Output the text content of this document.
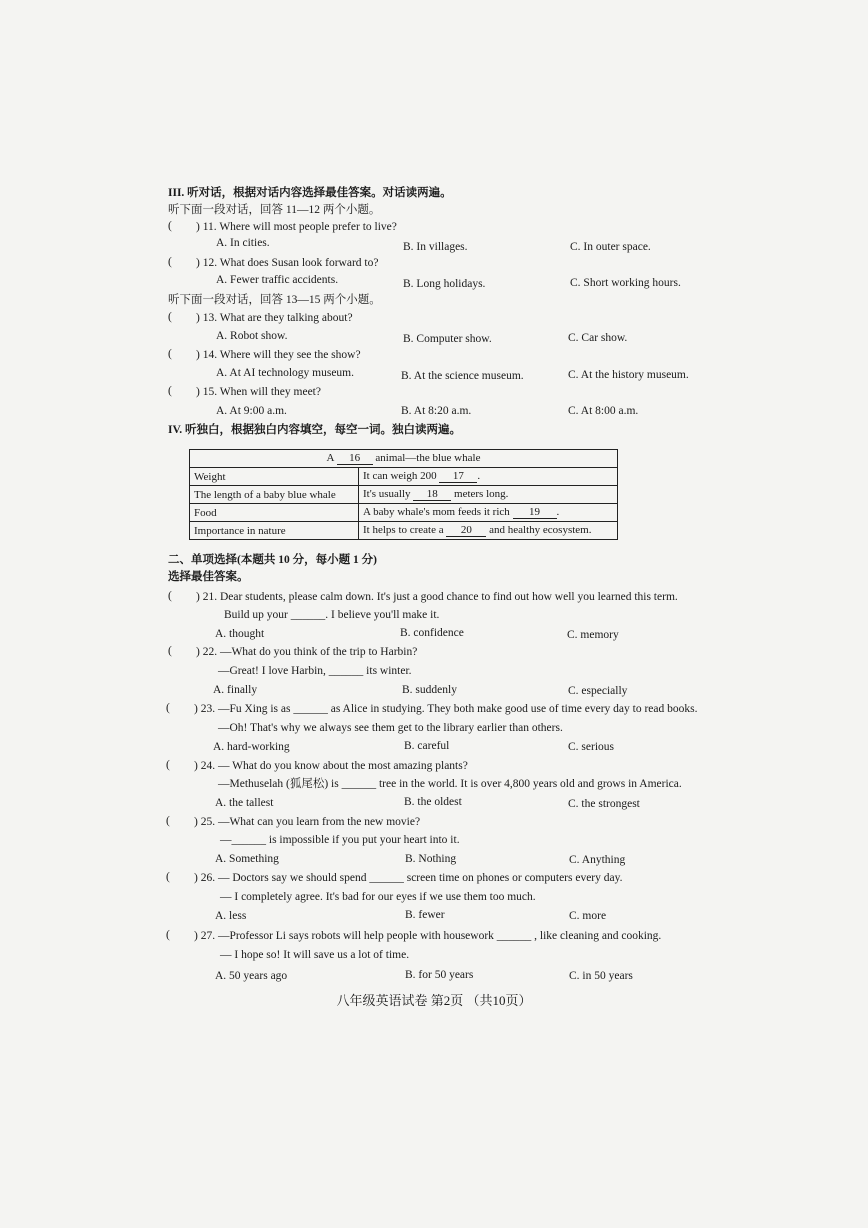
III. 听对话，根据对话内容选择最佳答案。对话读两遍。
听下面一段对话，回答 11—12 两个小题。
( ) 11. Where will most people prefer to live?
A. In cities.	B. In villages.	C. In outer space.
( ) 12. What does Susan look forward to?
A. Fewer traffic accidents.	B. Long holidays.	C. Short working hours.
听下面一段对话，回答 13—15 两个小题。
( ) 13. What are they talking about?
A. Robot show.	B. Computer show.	C. Car show.
( ) 14. Where will they see the show?
A. At AI technology museum.	B. At the science museum.	C. At the history museum.
( ) 15. When will they meet?
A. At 9:00 a.m.	B. At 8:20 a.m.	C. At 8:00 a.m.
IV. 听独白，根据独白内容填空，每空一词。独白读两遍。
A 16 animal—the blue whale	
Weight	It can weigh 200 17 .
The length of a baby blue whale	It's usually 18 meters long.
Food	A baby whale's mom feeds it rich 19 .
Importance in nature	It helps to create a 20 and healthy ecosystem.
二、单项选择(本题共 10 分，每小题 1 分)
选择最佳答案。
( ) 21. Dear students, please calm down. It's just a good chance to find out how well you learned this term.
Build up your ______. I believe you'll make it.
A. thought	B. confidence	C. memory
( ) 22. —What do you think of the trip to Harbin?
—Great! I love Harbin, ______ its winter.
A. finally	B. suddenly	C. especially
( ) 23. —Fu Xing is as ______ as Alice in studying. They both make good use of time every day to read books.
—Oh! That's why we always see them get to the library earlier than others.
A. hard-working	B. careful	C. serious
( ) 24. — What do you know about the most amazing plants?
—Methuselah (狐尾松) is ______ tree in the world. It is over 4,800 years old and grows in America.
A. the tallest	B. the oldest	C. the strongest
( ) 25. —What can you learn from the new movie?
—______ is impossible if you put your heart into it.
A. Something	B. Nothing	C. Anything
( ) 26. — Doctors say we should spend ______ screen time on phones or computers every day.
— I completely agree. It's bad for our eyes if we use them too much.
A. less	B. fewer	C. more
( ) 27. —Professor Li says robots will help people with housework ______ , like cleaning and cooking.
— I hope so! It will save us a lot of time.
A. 50 years ago	B. for 50 years	C. in 50 years
八年级英语试卷 第2页 （共10页）
